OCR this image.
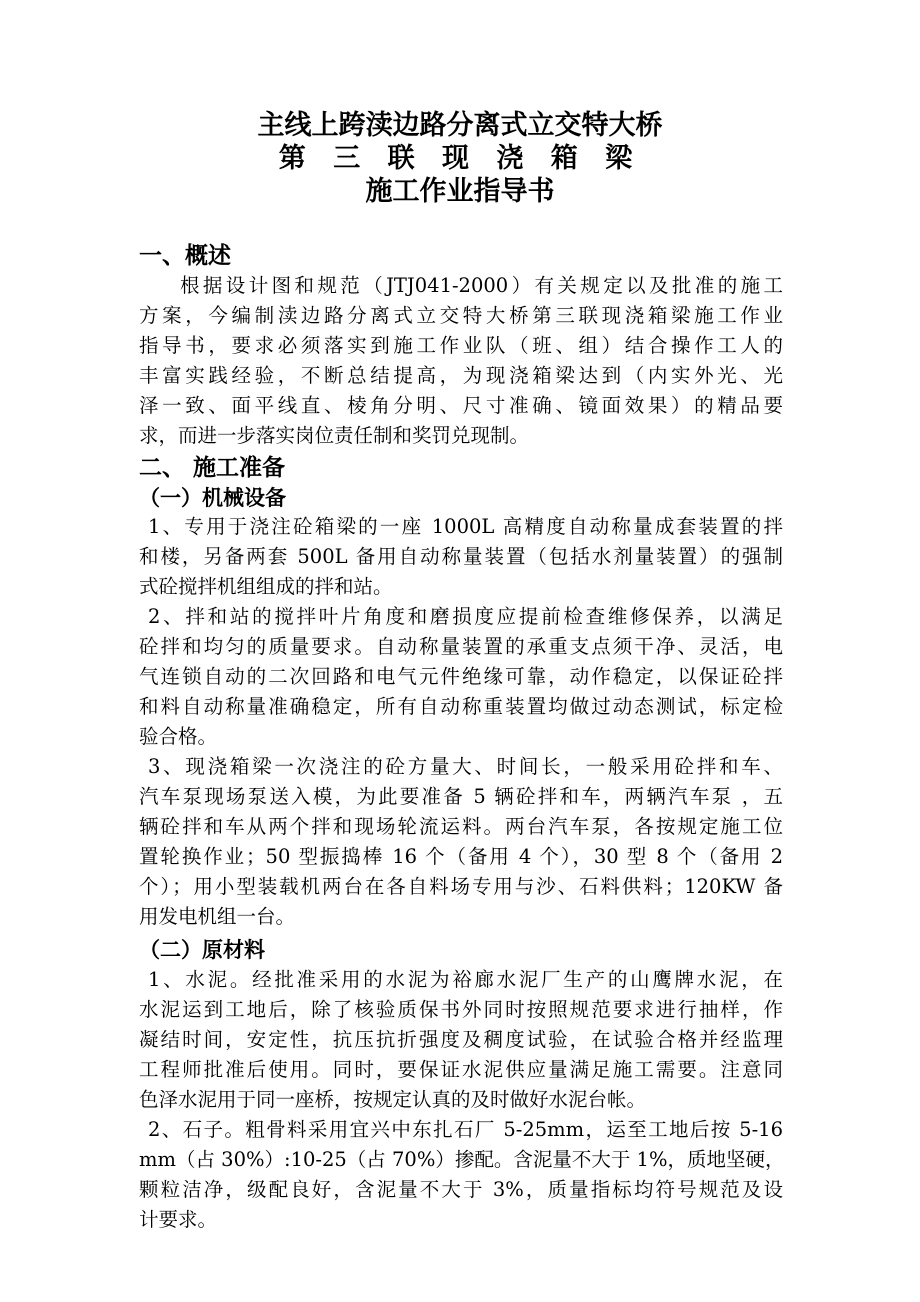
主线上跨渎边路分离式立交特大桥
第 三 联 现 浇 箱 梁
施工作业指导书
一、概述
根据设计图和规范（JTJ041-2000）有关规定以及批准的施工
方案，今编制渎边路分离式立交特大桥第三联现浇箱梁施工作业
指导书，要求必须落实到施工作业队（班、组）结合操作工人的
丰富实践经验，不断总结提高，为现浇箱梁达到（内实外光、光
泽一致、面平线直、棱角分明、尺寸准确、镜面效果）的精品要
求，而进一步落实岗位责任制和奖罚兑现制。
二、 施工准备
（一）机械设备
1、专用于浇注砼箱梁的一座 1000L 高精度自动称量成套装置的拌
和楼，另备两套 500L 备用自动称量装置（包括水剂量装置）的强制
式砼搅拌机组组成的拌和站。
2、拌和站的搅拌叶片角度和磨损度应提前检查维修保养，以满足
砼拌和均匀的质量要求。自动称量装置的承重支点须干净、灵活，电
气连锁自动的二次回路和电气元件绝缘可靠，动作稳定，以保证砼拌
和料自动称量准确稳定，所有自动称重装置均做过动态测试，标定检
验合格。
3、现浇箱梁一次浇注的砼方量大、时间长，一般采用砼拌和车、
汽车泵现场泵送入模，为此要准备 5 辆砼拌和车，两辆汽车泵 ，五
辆砼拌和车从两个拌和现场轮流运料。两台汽车泵，各按规定施工位
置轮换作业；50 型振捣棒 16 个（备用 4 个），30 型 8 个（备用 2
个）；用小型装载机两台在各自料场专用与沙、石料供料；120KW 备
用发电机组一台。
（二）原材料
1、水泥。经批准采用的水泥为裕廊水泥厂生产的山鹰牌水泥，在
水泥运到工地后，除了核验质保书外同时按照规范要求进行抽样，作
凝结时间，安定性，抗压抗折强度及稠度试验，在试验合格并经监理
工程师批准后使用。同时，要保证水泥供应量满足施工需要。注意同
色泽水泥用于同一座桥，按规定认真的及时做好水泥台帐。
2、石子。粗骨料采用宜兴中东扎石厂 5-25mm，运至工地后按 5-16
mm（占 30%）:10-25（占 70%）掺配。含泥量不大于 1%，质地坚硬，
颗粒洁净，级配良好，含泥量不大于 3%，质量指标均符号规范及设
计要求。
